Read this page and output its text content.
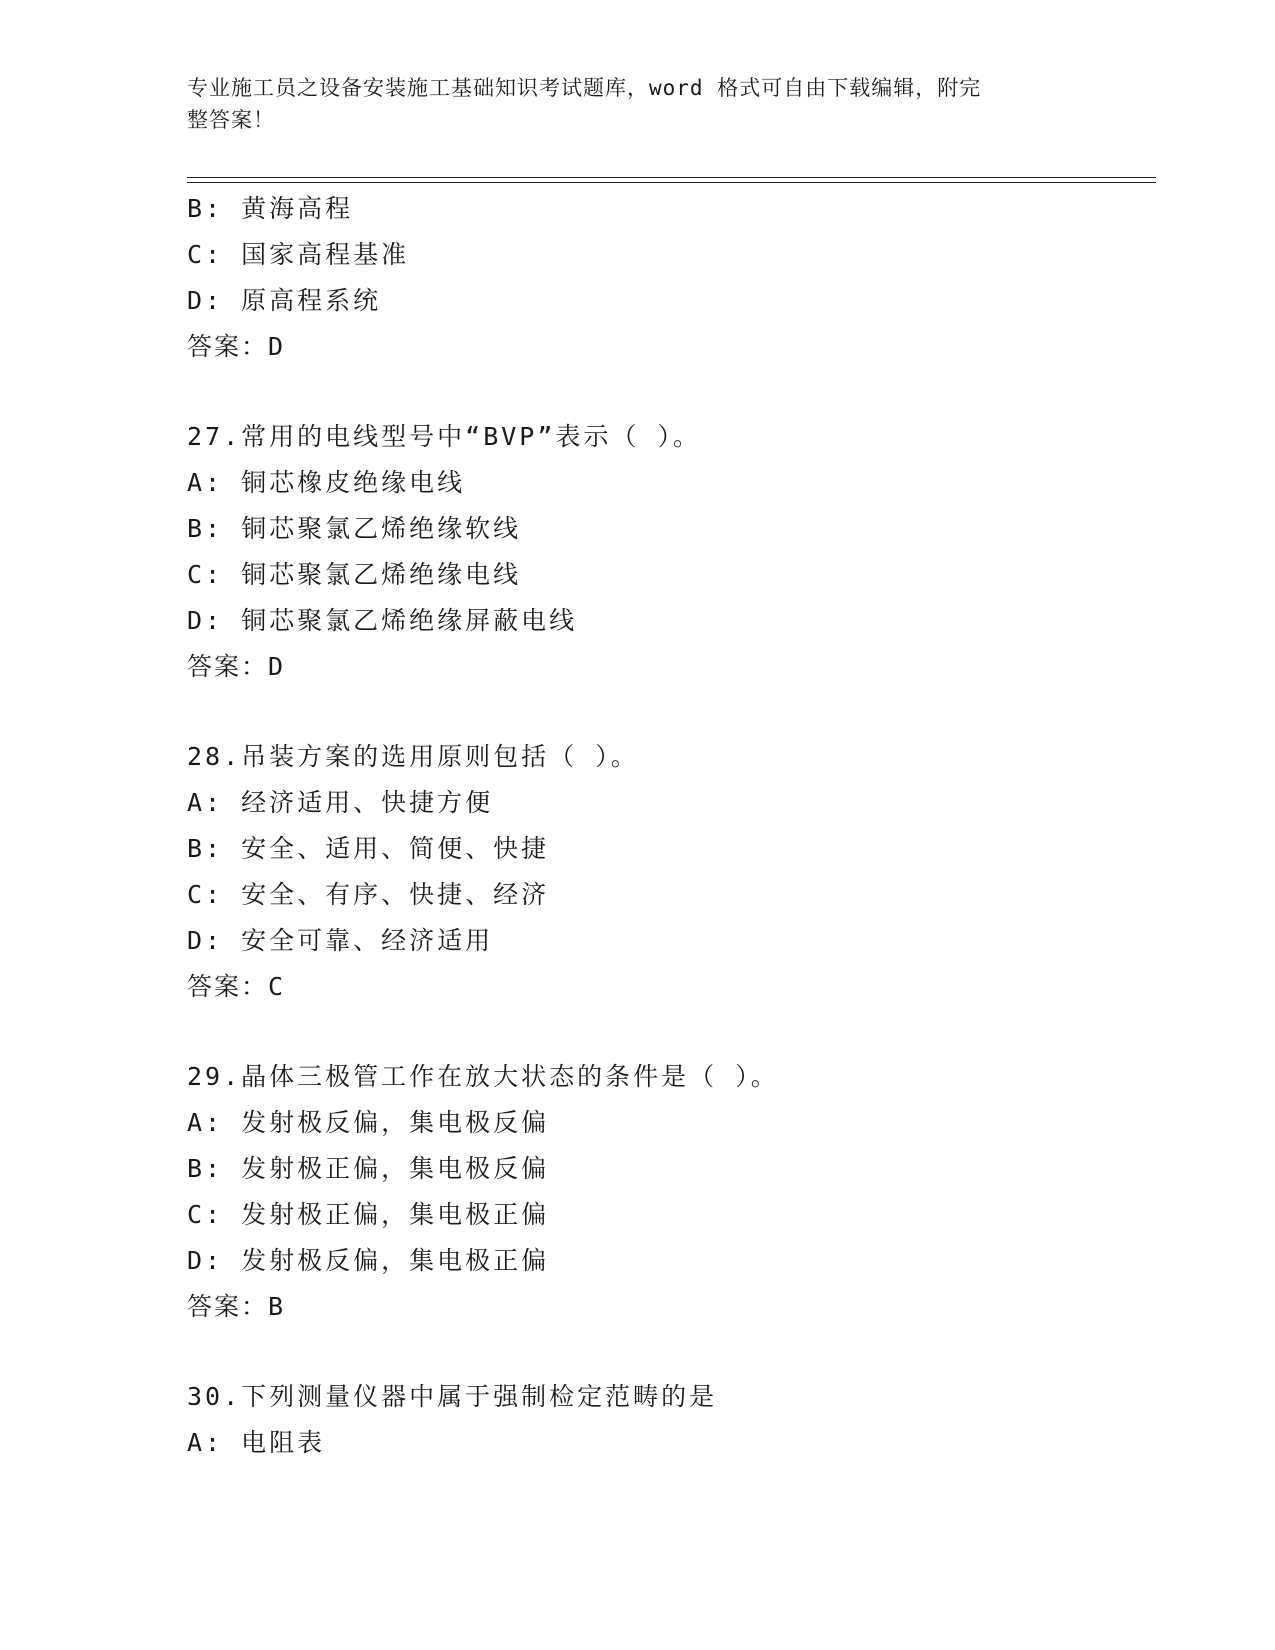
专业施工员之设备安装施工基础知识考试题库，word 格式可自由下载编辑，附完
整答案！
B: 黄海高程
C: 国家高程基准
D: 原高程系统
答案：D
27.常用的电线型号中“BVP”表示（ ）。
A: 铜芯橡皮绝缘电线
B: 铜芯聚氯乙烯绝缘软线
C: 铜芯聚氯乙烯绝缘电线
D: 铜芯聚氯乙烯绝缘屏蔽电线
答案：D
28.吊装方案的选用原则包括（ ）。
A: 经济适用、快捷方便
B: 安全、适用、简便、快捷
C: 安全、有序、快捷、经济
D: 安全可靠、经济适用
答案：C
29.晶体三极管工作在放大状态的条件是（ ）。
A: 发射极反偏，集电极反偏
B: 发射极正偏，集电极反偏
C: 发射极正偏，集电极正偏
D: 发射极反偏，集电极正偏
答案：B
30.下列测量仪器中属于强制检定范畴的是
A: 电阻表
